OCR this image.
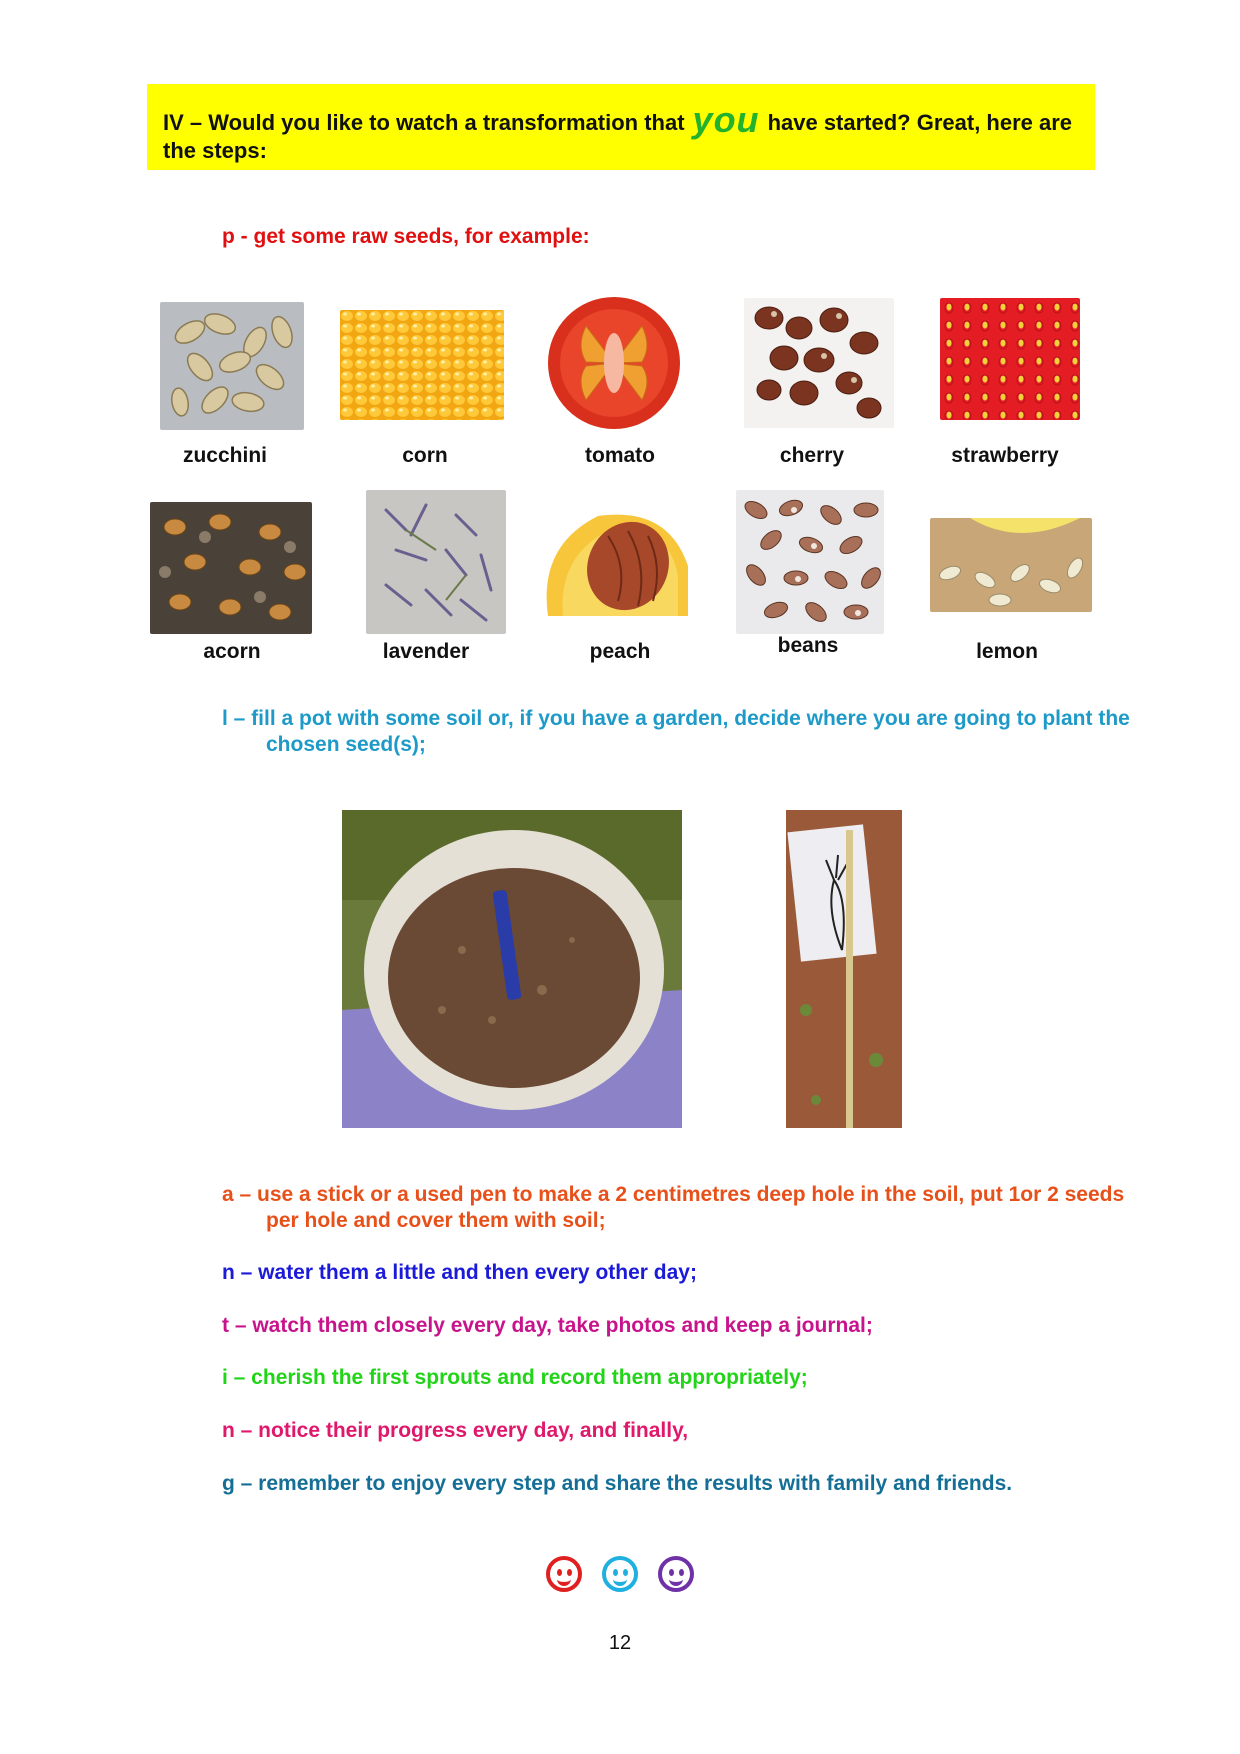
IV – Would you like to watch a transformation that you have started? Great, here are the steps:
p - get some raw seeds, for example:
zucchini	corn	tomato	cherry	strawberry
acorn	lavender	peach	beans	lemon
l – fill a pot with some soil or, if you have a garden, decide where you are going to plant the chosen seed(s);
a – use a stick or a used pen to make a 2 centimetres deep hole in the soil, put 1or 2 seeds per hole and cover them with soil;
n – water them a little and then every other day;
t – watch them closely every day, take photos and keep a journal;
i – cherish the first sprouts and record them appropriately;
n – notice their progress every day, and finally,
g – remember to enjoy every step and share the results with family and friends.
12
